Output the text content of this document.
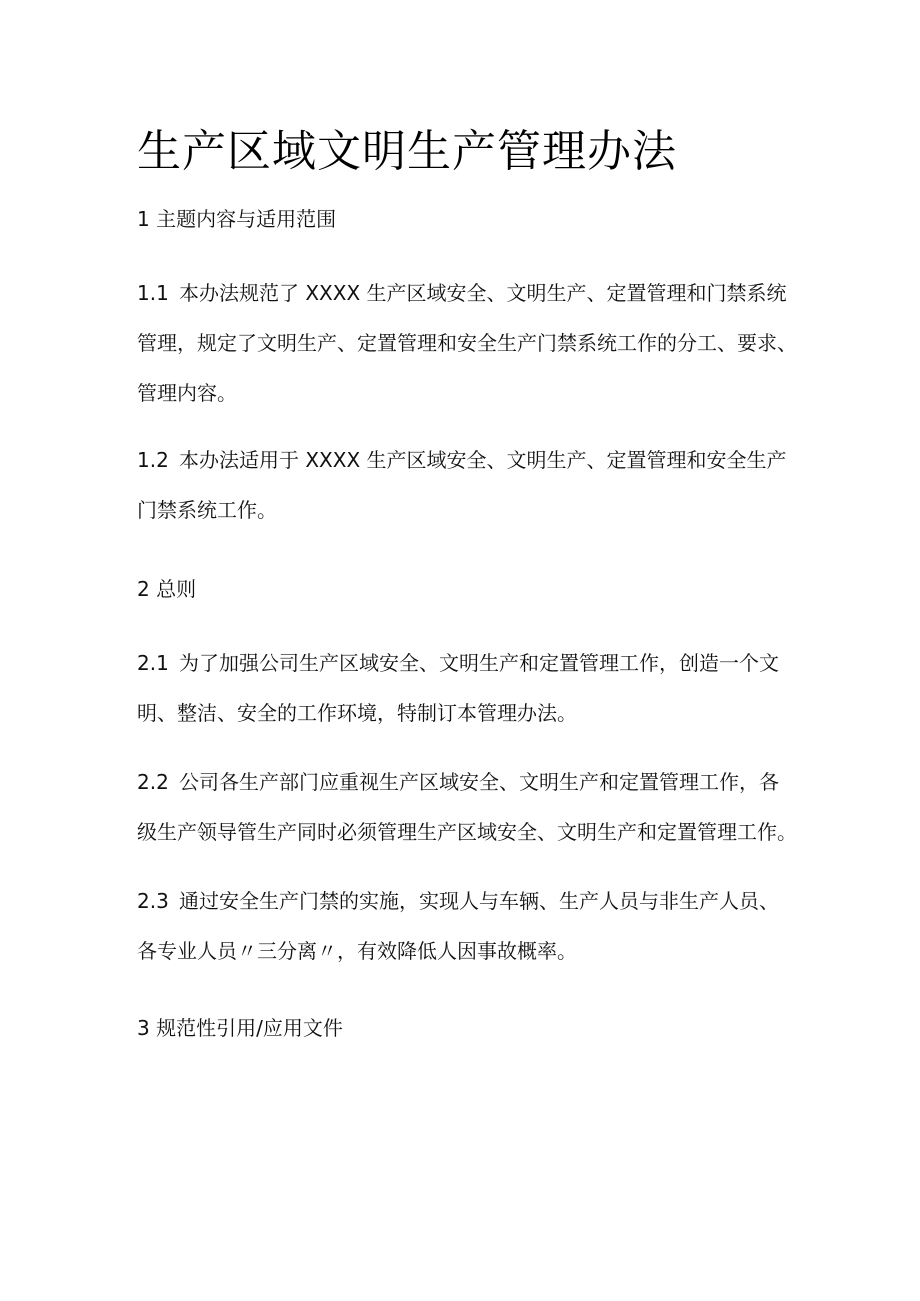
生产区域文明生产管理办法
1 主题内容与适用范围
1.1 本办法规范了 XXXX 生产区域安全、文明生产、定置管理和门禁系统
管理，规定了文明生产、定置管理和安全生产门禁系统工作的分工、要求、
管理内容。
1.2 本办法适用于 XXXX 生产区域安全、文明生产、定置管理和安全生产
门禁系统工作。
2 总则
2.1 为了加强公司生产区域安全、文明生产和定置管理工作，创造一个文
明、整洁、安全的工作环境，特制订本管理办法。
2.2 公司各生产部门应重视生产区域安全、文明生产和定置管理工作，各
级生产领导管生产同时必须管理生产区域安全、文明生产和定置管理工作。
2.3 通过安全生产门禁的实施，实现人与车辆、生产人员与非生产人员、
各专业人员〃三分离〃，有效降低人因事故概率。
3 规范性引用/应用文件
